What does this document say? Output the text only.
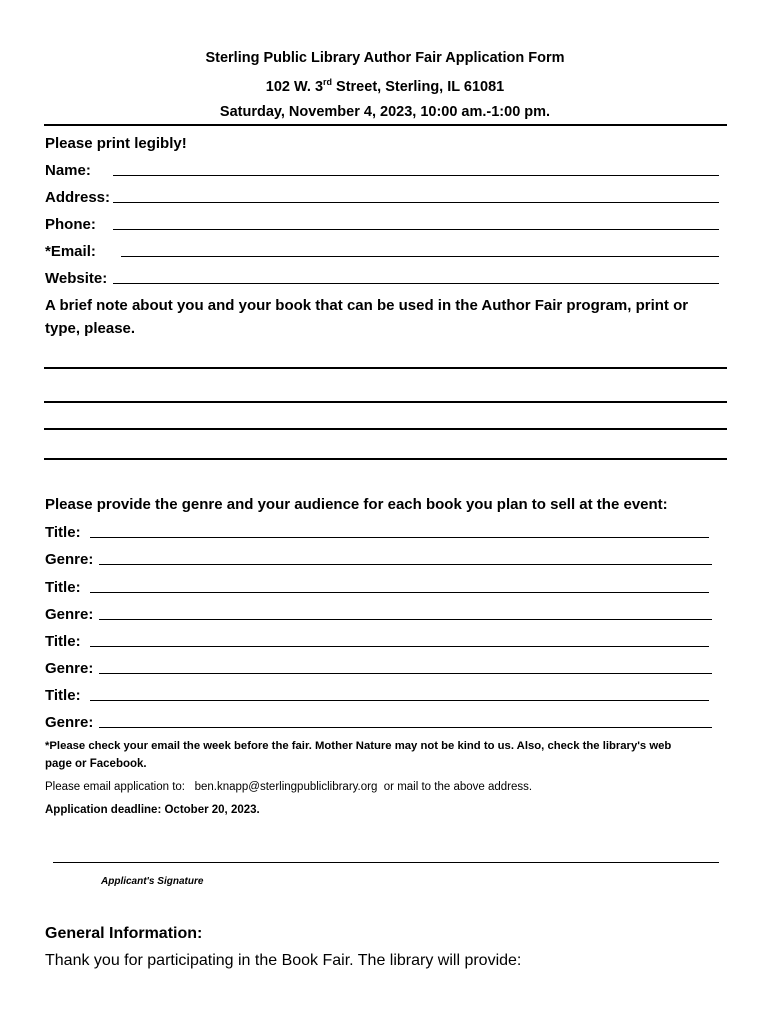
Sterling Public Library Author Fair Application Form
102 W. 3rd Street, Sterling, IL 61081
Saturday, November 4, 2023, 10:00 am.-1:00 pm.
Please print legibly!
Name:
Address:
Phone:
*Email:
Website:
A brief note about you and your book that can be used in the Author Fair program, print or
type, please.
Please provide the genre and your audience for each book you plan to sell at the event:
Title:
Genre:
Title:
Genre:
Title:
Genre:
Title:
Genre:
*Please check your email the week before the fair. Mother Nature may not be kind to us. Also, check the library's web
page or Facebook.
Please email application to: ben.knapp@sterlingpubliclibrary.org or mail to the above address.
Application deadline: October 20, 2023.
Applicant's Signature
General Information:
Thank you for participating in the Book Fair. The library will provide:
